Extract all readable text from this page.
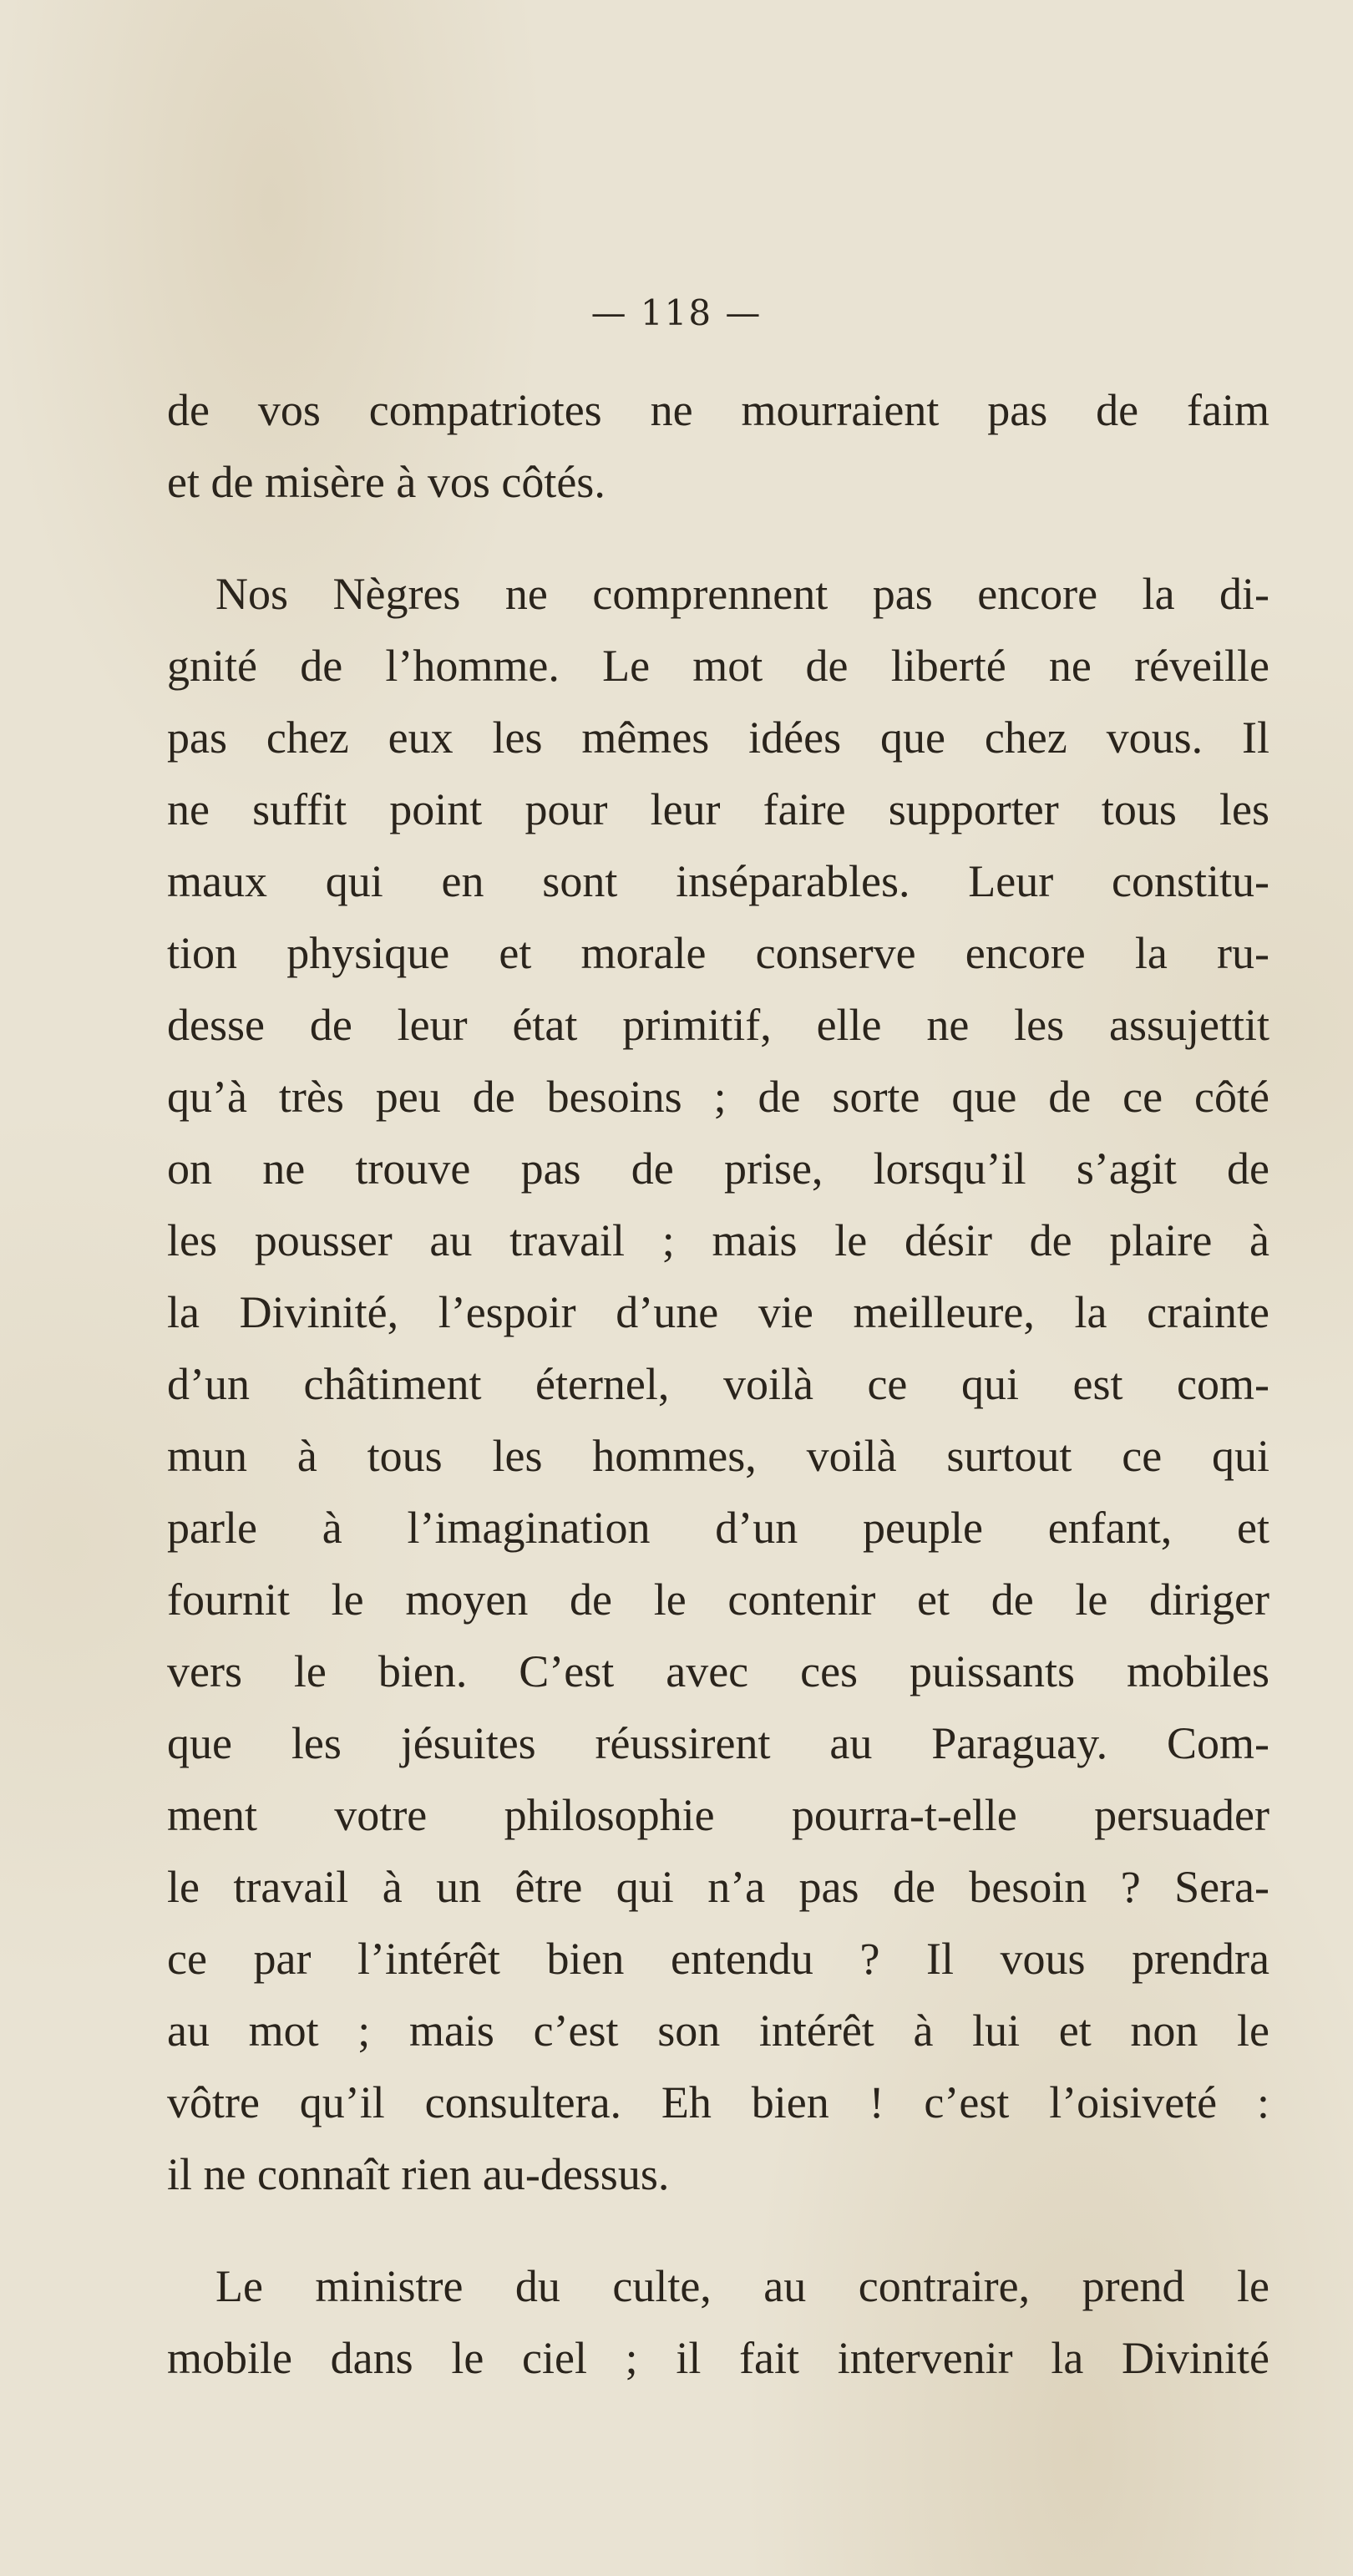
— 118 —
de vos compatriotes ne mourraient pas de faim
et de misère à vos côtés.
Nos Nègres ne comprennent pas encore la di-
gnité de l’homme. Le mot de liberté ne réveille
pas chez eux les mêmes idées que chez vous. Il
ne suffit point pour leur faire supporter tous les
maux qui en sont inséparables. Leur constitu-
tion physique et morale conserve encore la ru-
desse de leur état primitif, elle ne les assujettit
qu’à très peu de besoins ; de sorte que de ce côté
on ne trouve pas de prise, lorsqu’il s’agit de
les pousser au travail ; mais le désir de plaire à
la Divinité, l’espoir d’une vie meilleure, la crainte
d’un châtiment éternel, voilà ce qui est com-
mun à tous les hommes, voilà surtout ce qui
parle à l’imagination d’un peuple enfant, et
fournit le moyen de le contenir et de le diriger
vers le bien. C’est avec ces puissants mobiles
que les jésuites réussirent au Paraguay. Com-
ment votre philosophie pourra-t-elle persuader
le travail à un être qui n’a pas de besoin ? Sera-
ce par l’intérêt bien entendu ? Il vous prendra
au mot ; mais c’est son intérêt à lui et non le
vôtre qu’il consultera. Eh bien ! c’est l’oisiveté :
il ne connaît rien au-dessus.
Le ministre du culte, au contraire, prend le
mobile dans le ciel ; il fait intervenir la Divinité
